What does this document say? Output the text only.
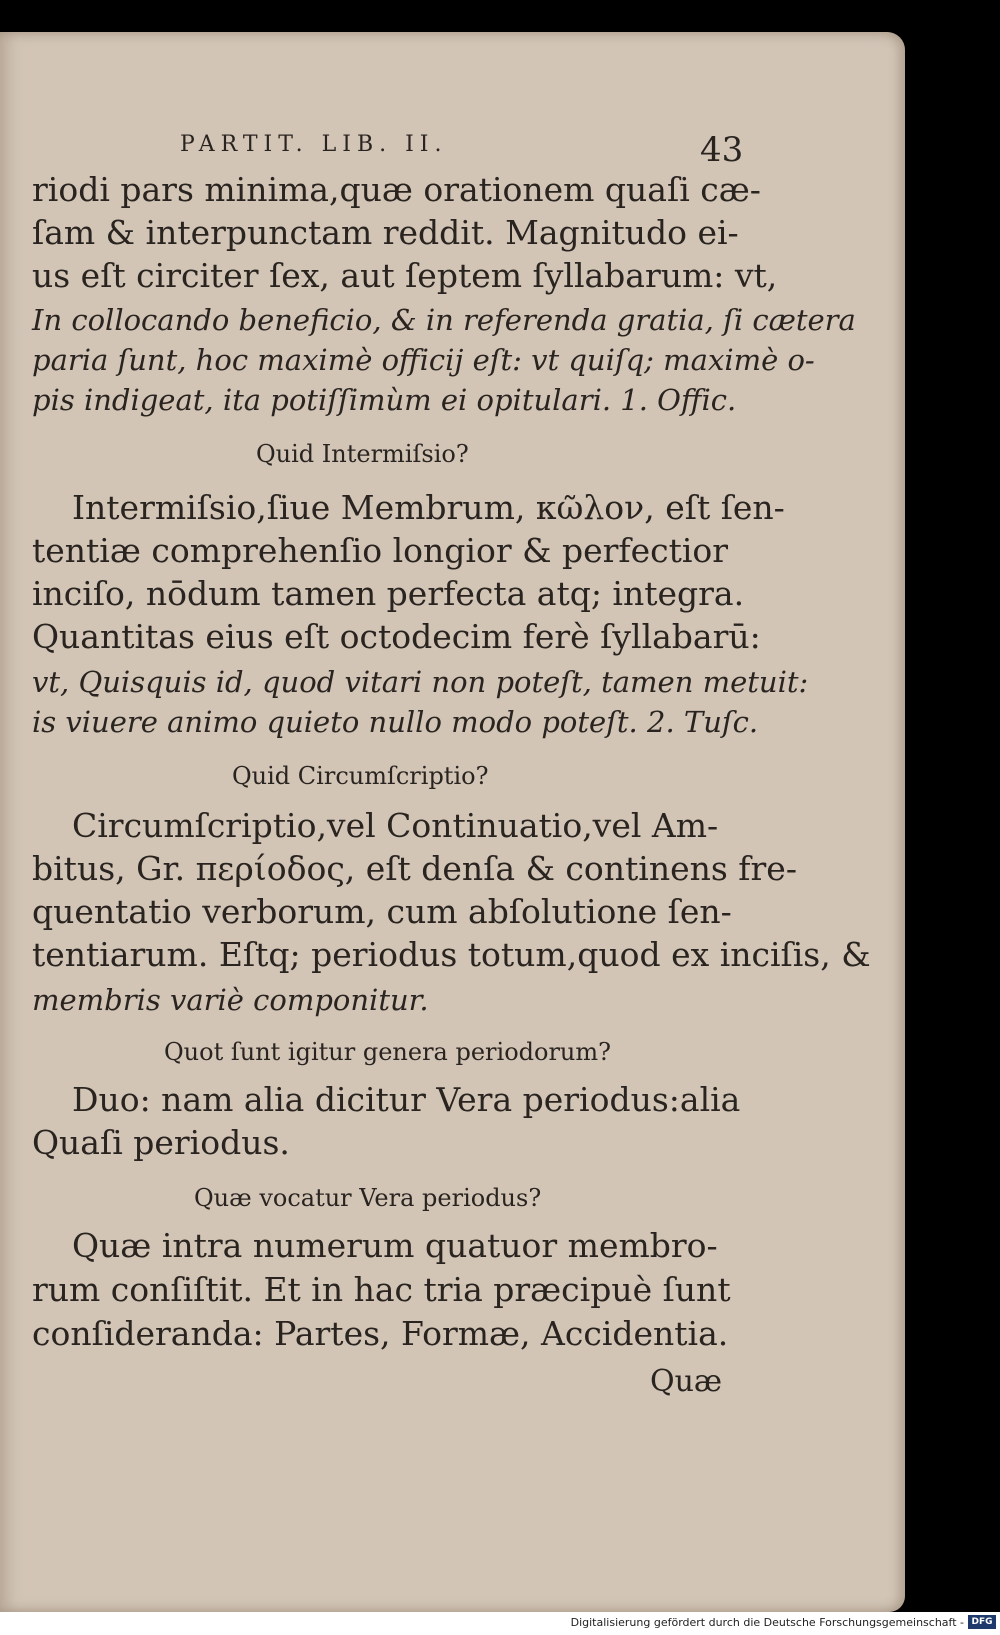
PARTIT. LIB. II.	43
riodi pars minima,quæ orationem quaſi cæ-
ſam & interpunctam reddit. Magnitudo ei-
us eſt circiter ſex, aut ſeptem ſyllabarum: vt,
In collocando beneficio, & in referenda gratia, ſi cætera
paria ſunt, hoc maximè officij eſt: vt quiſq; maximè o-
pis indigeat, ita potiſſimùm ei opitulari. 1. Offic.
Quid Intermiſsio?
Intermiſsio,ſiue Membrum, κῶλον, eſt ſen-
tentiæ comprehenſio longior & perfectior
inciſo, nōdum tamen perfecta atq; integra.
Quantitas eius eſt octodecim ferè ſyllabarū:
vt, Quisquis id, quod vitari non poteſt, tamen metuit:
is viuere animo quieto nullo modo poteſt. 2. Tuſc.
Quid Circumſcriptio?
Circumſcriptio,vel Continuatio,vel Am-
bitus, Gr. περίοδος, eſt denſa & continens fre-
quentatio verborum, cum abſolutione ſen-
tentiarum. Eſtq; periodus totum,quod ex inciſis, &
membris variè componitur.
Quot ſunt igitur genera periodorum?
Duo: nam alia dicitur Vera periodus:alia
Quaſi periodus.
Quæ vocatur Vera periodus?
Quæ intra numerum quatuor membro-
rum conſiſtit. Et in hac tria præcipuè ſunt
conſideranda: Partes, Formæ, Accidentia.
Quæ
Digitalisierung gefördert durch die Deutsche Forschungsgemeinschaft - DFG
